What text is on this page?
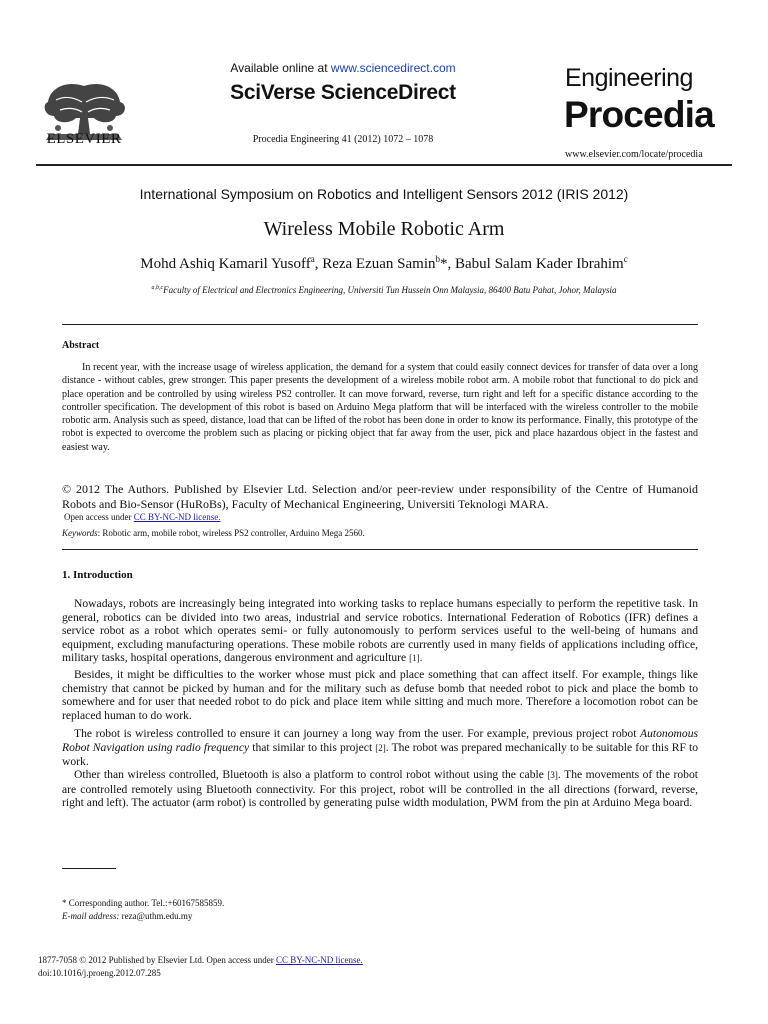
ELSEVIER
Available online at www.sciencedirect.com
SciVerse ScienceDirect
Procedia Engineering 41 (2012) 1072 – 1078
Engineering
Procedia
www.elsevier.com/locate/procedia
International Symposium on Robotics and Intelligent Sensors 2012 (IRIS 2012)
Wireless Mobile Robotic Arm
Mohd Ashiq Kamaril Yusoff$^a$, Reza Ezuan Samin$^b$*, Babul Salam Kader Ibrahim$^c$
$^{a,b,c}$Faculty of Electrical and Electronics Engineering, Universiti Tun Hussein Onn Malaysia, 86400 Batu Pahat, Johor, Malaysia
Abstract
In recent year, with the increase usage of wireless application, the demand for a system that could easily connect devices for transfer of data over a long distance - without cables, grew stronger. This paper presents the development of a wireless mobile robot arm. A mobile robot that functional to do pick and place operation and be controlled by using wireless PS2 controller. It can move forward, reverse, turn right and left for a specific distance according to the controller specification. The development of this robot is based on Arduino Mega platform that will be interfaced with the wireless controller to the mobile robotic arm. Analysis such as speed, distance, load that can be lifted of the robot has been done in order to know its performance. Finally, this prototype of the robot is expected to overcome the problem such as placing or picking object that far away from the user, pick and place hazardous object in the fastest and easiest way.
© 2012 The Authors. Published by Elsevier Ltd. Selection and/or peer-review under responsibility of the Centre of Humanoid Robots and Bio-Sensor (HuRoBs), Faculty of Mechanical Engineering, Universiti Teknologi MARA.
Open access under CC BY-NC-ND license.
Keywords: Robotic arm, mobile robot, wireless PS2 controller, Arduino Mega 2560.
1. Introduction
Nowadays, robots are increasingly being integrated into working tasks to replace humans especially to perform the repetitive task. In general, robotics can be divided into two areas, industrial and service robotics. International Federation of Robotics (IFR) defines a service robot as a robot which operates semi- or fully autonomously to perform services useful to the well-being of humans and equipment, excluding manufacturing operations. These mobile robots are currently used in many fields of applications including office, military tasks, hospital operations, dangerous environment and agriculture [1].
Besides, it might be difficulties to the worker whose must pick and place something that can affect itself. For example, things like chemistry that cannot be picked by human and for the military such as defuse bomb that needed robot to pick and place the bomb to somewhere and for user that needed robot to do pick and place item while sitting and much more. Therefore a locomotion robot can be replaced human to do work.
The robot is wireless controlled to ensure it can journey a long way from the user. For example, previous project robot Autonomous Robot Navigation using radio frequency that similar to this project [2]. The robot was prepared mechanically to be suitable for this RF to work.
Other than wireless controlled, Bluetooth is also a platform to control robot without using the cable [3]. The movements of the robot are controlled remotely using Bluetooth connectivity. For this project, robot will be controlled in the all directions (forward, reverse, right and left). The actuator (arm robot) is controlled by generating pulse width modulation, PWM from the pin at Arduino Mega board.
* Corresponding author. Tel.:+60167585859.
E-mail address: reza@uthm.edu.my
1877-7058 © 2012 Published by Elsevier Ltd. Open access under CC BY-NC-ND license.
doi:10.1016/j.proeng.2012.07.285
